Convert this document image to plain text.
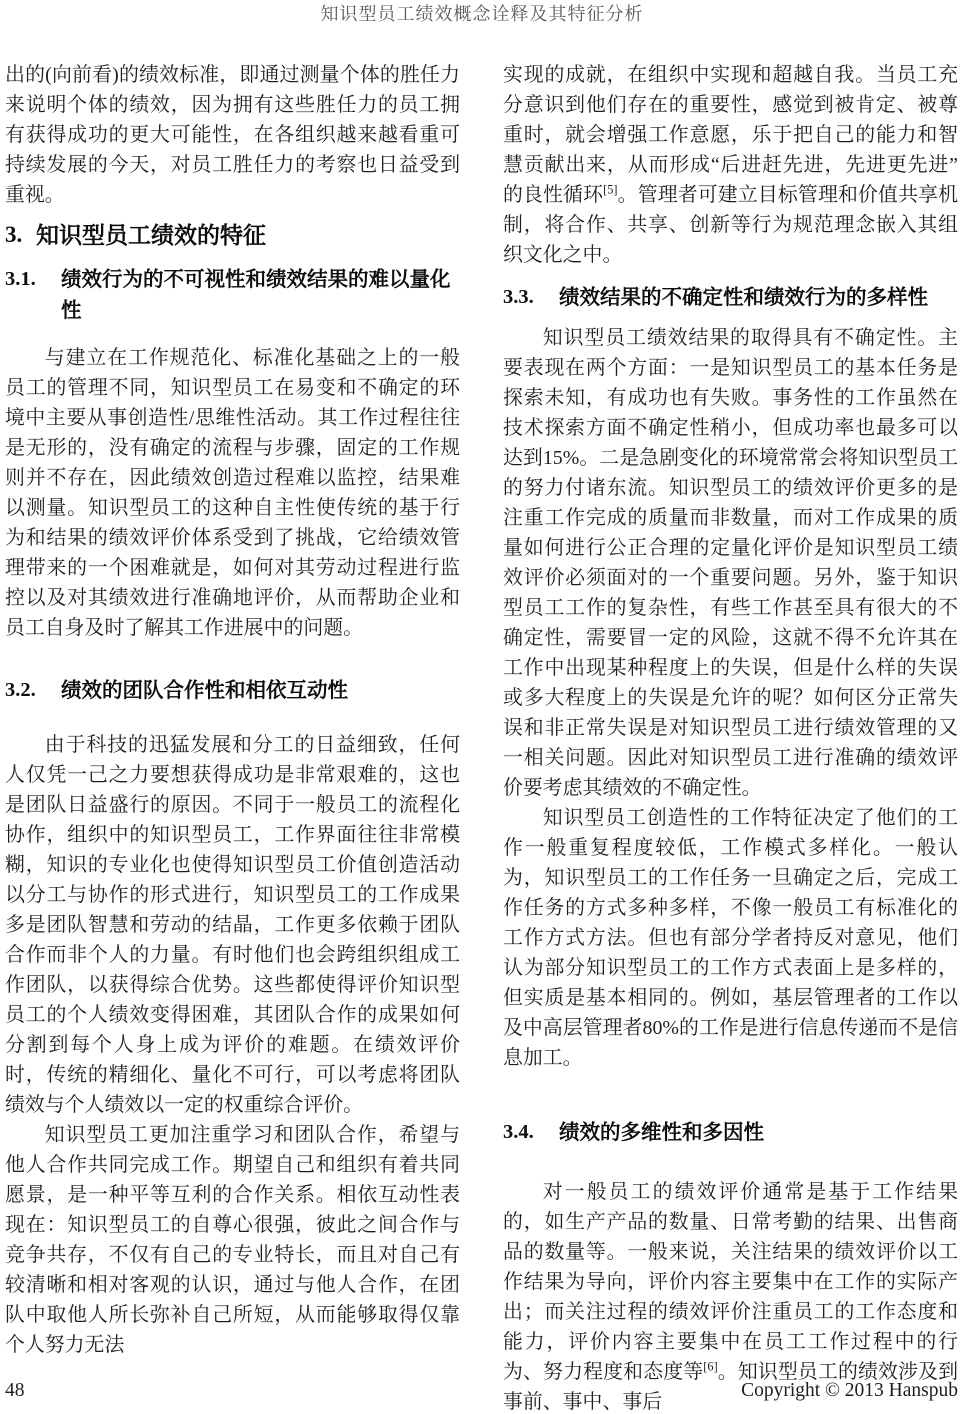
知识型员工绩效概念诠释及其特征分析

出的(向前看)的绩效标准，即通过测量个体的胜任力来说明个体的绩效，因为拥有这些胜任力的员工拥有获得成功的更大可能性，在各组织越来越看重可持续发展的今天，对员工胜任力的考察也日益受到重视。

3. 知识型员工绩效的特征
3.1.	绩效行为的不可视性和绩效结果的难以量化性

与建立在工作规范化、标准化基础之上的一般员工的管理不同，知识型员工在易变和不确定的环境中主要从事创造性/思维性活动。其工作过程往往是无形的，没有确定的流程与步骤，固定的工作规则并不存在，因此绩效创造过程难以监控，结果难以测量。知识型员工的这种自主性使传统的基于行为和结果的绩效评价体系受到了挑战，它给绩效管理带来的一个困难就是，如何对其劳动过程进行监控以及对其绩效进行准确地评价，从而帮助企业和员工自身及时了解其工作进展中的问题。

3.2.	绩效的团队合作性和相依互动性

由于科技的迅猛发展和分工的日益细致，任何人仅凭一己之力要想获得成功是非常艰难的，这也是团队日益盛行的原因。不同于一般员工的流程化协作，组织中的知识型员工，工作界面往往非常模糊，知识的专业化也使得知识型员工价值创造活动以分工与协作的形式进行，知识型员工的工作成果多是团队智慧和劳动的结晶，工作更多依赖于团队合作而非个人的力量。有时他们也会跨组织组成工作团队，以获得综合优势。这些都使得评价知识型员工的个人绩效变得困难，其团队合作的成果如何分割到每个人身上成为评价的难题。在绩效评价时，传统的精细化、量化不可行，可以考虑将团队绩效与个人绩效以一定的权重综合评价。

知识型员工更加注重学习和团队合作，希望与他人合作共同完成工作。期望自己和组织有着共同愿景，是一种平等互利的合作关系。相依互动性表现在：知识型员工的自尊心很强，彼此之间合作与竞争共存，不仅有自己的专业特长，而且对自己有较清晰和相对客观的认识，通过与他人合作，在团队中取他人所长弥补自己所短，从而能够取得仅靠个人努力无法

实现的成就，在组织中实现和超越自我。当员工充分意识到他们存在的重要性，感觉到被肯定、被尊重时，就会增强工作意愿，乐于把自己的能力和智慧贡献出来，从而形成“后进赶先进，先进更先进”的良性循环[5]。管理者可建立目标管理和价值共享机制，将合作、共享、创新等行为规范理念嵌入其组织文化之中。

3.3.	绩效结果的不确定性和绩效行为的多样性

知识型员工绩效结果的取得具有不确定性。主要表现在两个方面：一是知识型员工的基本任务是探索未知，有成功也有失败。事务性的工作虽然在技术探索方面不确定性稍小，但成功率也最多可以达到15%。二是急剧变化的环境常常会将知识型员工的努力付诸东流。知识型员工的绩效评价更多的是注重工作完成的质量而非数量，而对工作成果的质量如何进行公正合理的定量化评价是知识型员工绩效评价必须面对的一个重要问题。另外，鉴于知识型员工工作的复杂性，有些工作甚至具有很大的不确定性，需要冒一定的风险，这就不得不允许其在工作中出现某种程度上的失误，但是什么样的失误或多大程度上的失误是允许的呢？如何区分正常失误和非正常失误是对知识型员工进行绩效管理的又一相关问题。因此对知识型员工进行准确的绩效评价要考虑其绩效的不确定性。

知识型员工创造性的工作特征决定了他们的工作一般重复程度较低，工作模式多样化。一般认为，知识型员工的工作任务一旦确定之后，完成工作任务的方式多种多样，不像一般员工有标准化的工作方式方法。但也有部分学者持反对意见，他们认为部分知识型员工的工作方式表面上是多样的，但实质是基本相同的。例如，基层管理者的工作以及中高层管理者80%的工作是进行信息传递而不是信息加工。

3.4.	绩效的多维性和多因性

对一般员工的绩效评价通常是基于工作结果的，如生产产品的数量、日常考勤的结果、出售商品的数量等。一般来说，关注结果的绩效评价以工作结果为导向，评价内容主要集中在工作的实际产出；而关注过程的绩效评价注重员工的工作态度和能力，评价内容主要集中在员工工作过程中的行为、努力程度和态度等[6]。知识型员工的绩效涉及到事前、事中、事后

48	Copyright © 2013 Hanspub
